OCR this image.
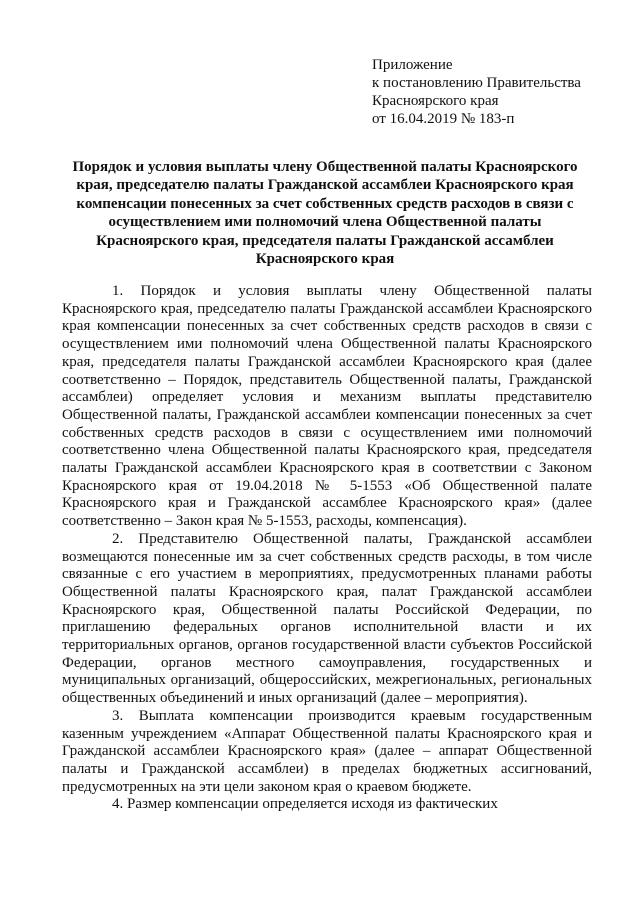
Приложение
к постановлению Правительства
Красноярского края
от 16.04.2019 № 183-п
Порядок и условия выплаты члену Общественной палаты Красноярского края, председателю палаты Гражданской ассамблеи Красноярского края компенсации понесенных за счет собственных средств расходов в связи с осуществлением ими полномочий члена Общественной палаты Красноярского края, председателя палаты Гражданской ассамблеи Красноярского края

1. Порядок и условия выплаты члену Общественной палаты Красноярского края, председателю палаты Гражданской ассамблеи Красноярского края компенсации понесенных за счет собственных средств расходов в связи с осуществлением ими полномочий члена Общественной палаты Красноярского края, председателя палаты Гражданской ассамблеи Красноярского края (далее соответственно – Порядок, представитель Общественной палаты, Гражданской ассамблеи) определяет условия и механизм выплаты представителю Общественной палаты, Гражданской ассамблеи компенсации понесенных за счет собственных средств расходов в связи с осуществлением ими полномочий соответственно члена Общественной палаты Красноярского края, председателя палаты Гражданской ассамблеи Красноярского края в соответствии с Законом Красноярского края от 19.04.2018 № 5-1553 «Об Общественной палате Красноярского края и Гражданской ассамблее Красноярского края» (далее соответственно – Закон края № 5-1553, расходы, компенсация).

2. Представителю Общественной палаты, Гражданской ассамблеи возмещаются понесенные им за счет собственных средств расходы, в том числе связанные с его участием в мероприятиях, предусмотренных планами работы Общественной палаты Красноярского края, палат Гражданской ассамблеи Красноярского края, Общественной палаты Российской Федерации, по приглашению федеральных органов исполнительной власти и их территориальных органов, органов государственной власти субъектов Российской Федерации, органов местного самоуправления, государственных и муниципальных организаций, общероссийских, межрегиональных, региональных общественных объединений и иных организаций (далее – мероприятия).

3. Выплата компенсации производится краевым государственным казенным учреждением «Аппарат Общественной палаты Красноярского края и Гражданской ассамблеи Красноярского края» (далее – аппарат Общественной палаты и Гражданской ассамблеи) в пределах бюджетных ассигнований, предусмотренных на эти цели законом края о краевом бюджете.

4. Размер компенсации определяется исходя из фактических
